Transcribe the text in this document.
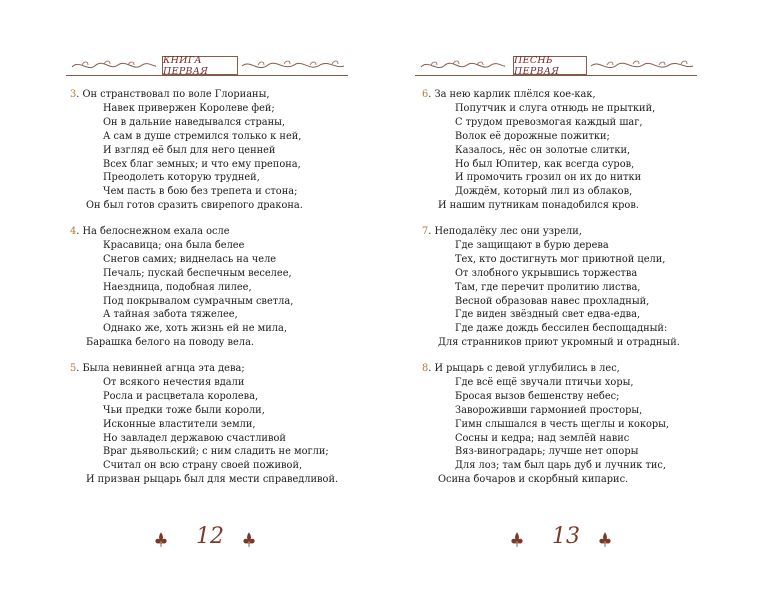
КНИГА ПЕРВАЯ
3. Он странствовал по воле Глорианы,
Навек привержен Королеве фей;
Он в дальние наведывался страны,
А сам в душе стремился только к ней,
И взгляд её был для него ценней
Всех благ земных; и что ему препона,
Преодолеть которую трудней,
Чем пасть в бою без трепета и стона;
Он был готов сразить свирепого дракона.
4. На белоснежном ехала осле
Красавица; она была белее
Снегов самих; виднелась на челе
Печаль; пускай беспечным веселее,
Наездница, подобная лилее,
Под покрывалом сумрачным светла,
А тайная забота тяжелее,
Однако же, хоть жизнь ей не мила,
Барашка белого на поводу вела.
5. Была невинней агнца эта дева;
От всякого нечестия вдали
Росла и расцветала королева,
Чьи предки тоже были короли,
Исконные властители земли,
Но завладел державою счастливой
Враг дьявольский; с ним сладить не могли;
Считал он всю страну своей поживой,
И призван рыцарь был для мести справедливой.
12
ПЕСНЬ ПЕРВАЯ
6. За нею карлик плёлся кое-как,
Попутчик и слуга отнюдь не прыткий,
С трудом превозмогая каждый шаг,
Волок её дорожные пожитки;
Казалось, нёс он золотые слитки,
Но был Юпитер, как всегда суров,
И промочить грозил он их до нитки
Дождём, который лил из облаков,
И нашим путникам понадобился кров.
7. Неподалёку лес они узрели,
Где защищают в бурю дерева
Тех, кто достигнуть мог приютной цели,
От злобного укрывшись торжества
Там, где перечит пролитию листва,
Весной образовав навес прохладный,
Где виден звёздный свет едва-едва,
Где даже дождь бессилен беспощадный:
Для странников приют укромный и отрадный.
8. И рыцарь с девой углубились в лес,
Где всё ещё звучали птичьи хоры,
Бросая вызов бешенству небес;
Завороживши гармонией просторы,
Гимн слышался в честь щеглы и кокоры,
Сосны и кедра; над землёй навис
Вяз-виноградарь; лучше нет опоры
Для лоз; там был царь дуб и лучник тис,
Осина бочаров и скорбный кипарис.
13
